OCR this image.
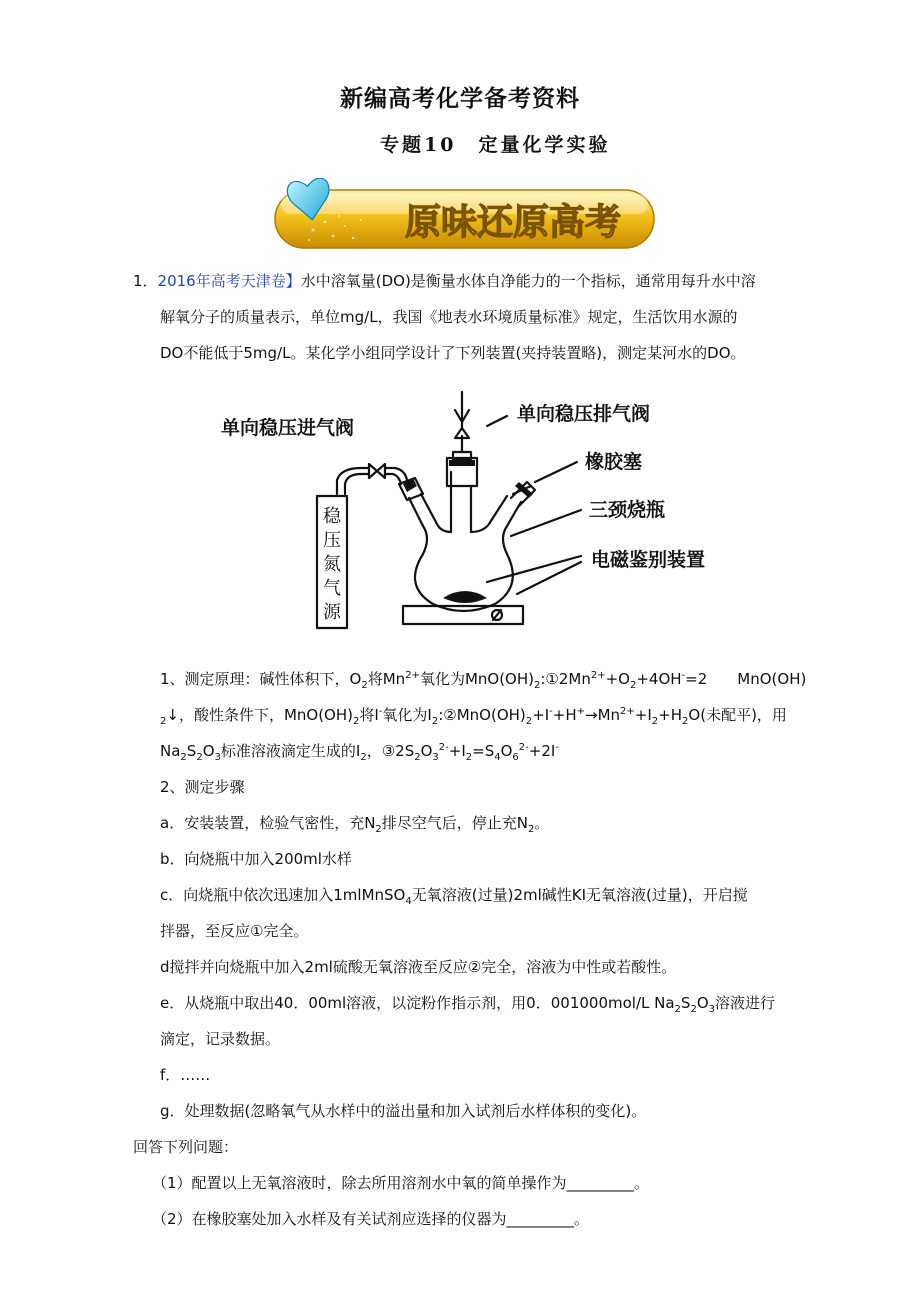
新编高考化学备考资料
专题10　定量化学实验
原味还原高考
1．2016年高考天津卷】水中溶氧量(DO)是衡量水体自净能力的一个指标，通常用每升水中溶
解氧分子的质量表示，单位mg/L，我国《地表水环境质量标准》规定，生活饮用水源的
DO不能低于5mg/L。某化学小组同学设计了下列装置(夹持装置略)，测定某河水的DO。
单向稳压进气阀
单向稳压排气阀
橡胶塞
三颈烧瓶
电磁鉴别装置
稳
压
氮
气
源
1、测定原理：碱性体积下，$O_2$将$Mn^{2+}$氧化为$MnO(OH)_2:①2Mn^{2+}+O_2+4OH^-=2$　　MnO(OH)
$_2$↓，酸性条件下，$MnO(OH)_2$将I-氧化为$I_2:②MnO(OH)_2+I^-+H^+\to Mn^{2+}+I_2+H_2O$(未配平)，用
$Na_2S_2O_3$标准溶液滴定生成的$I_2$，$③2S_2O_3^{2-}+I_2=S_4O_6^{2-}+2I^-$
2、测定步骤
a．安装装置，检验气密性，充$N_2$排尽空气后，停止充$N_2$。
b．向烧瓶中加入200ml水样
c．向烧瓶中依次迅速加入1mlMnSO$_4$无氧溶液(过量)2ml碱性KI无氧溶液(过量)，开启搅
拌器，至反应①完全。
d搅拌并向烧瓶中加入2ml硫酸无氧溶液至反应②完全，溶液为中性或若酸性。
e．从烧瓶中取出40．00ml溶液，以淀粉作指示剂，用0．001000mol/L $Na_2S_2O_3$溶液进行
滴定，记录数据。
f．……
g．处理数据(忽略氧气从水样中的溢出量和加入试剂后水样体积的变化)。
回答下列问题：
（1）配置以上无氧溶液时，除去所用溶剂水中氧的简单操作为_________。
（2）在橡胶塞处加入水样及有关试剂应选择的仪器为_________。
